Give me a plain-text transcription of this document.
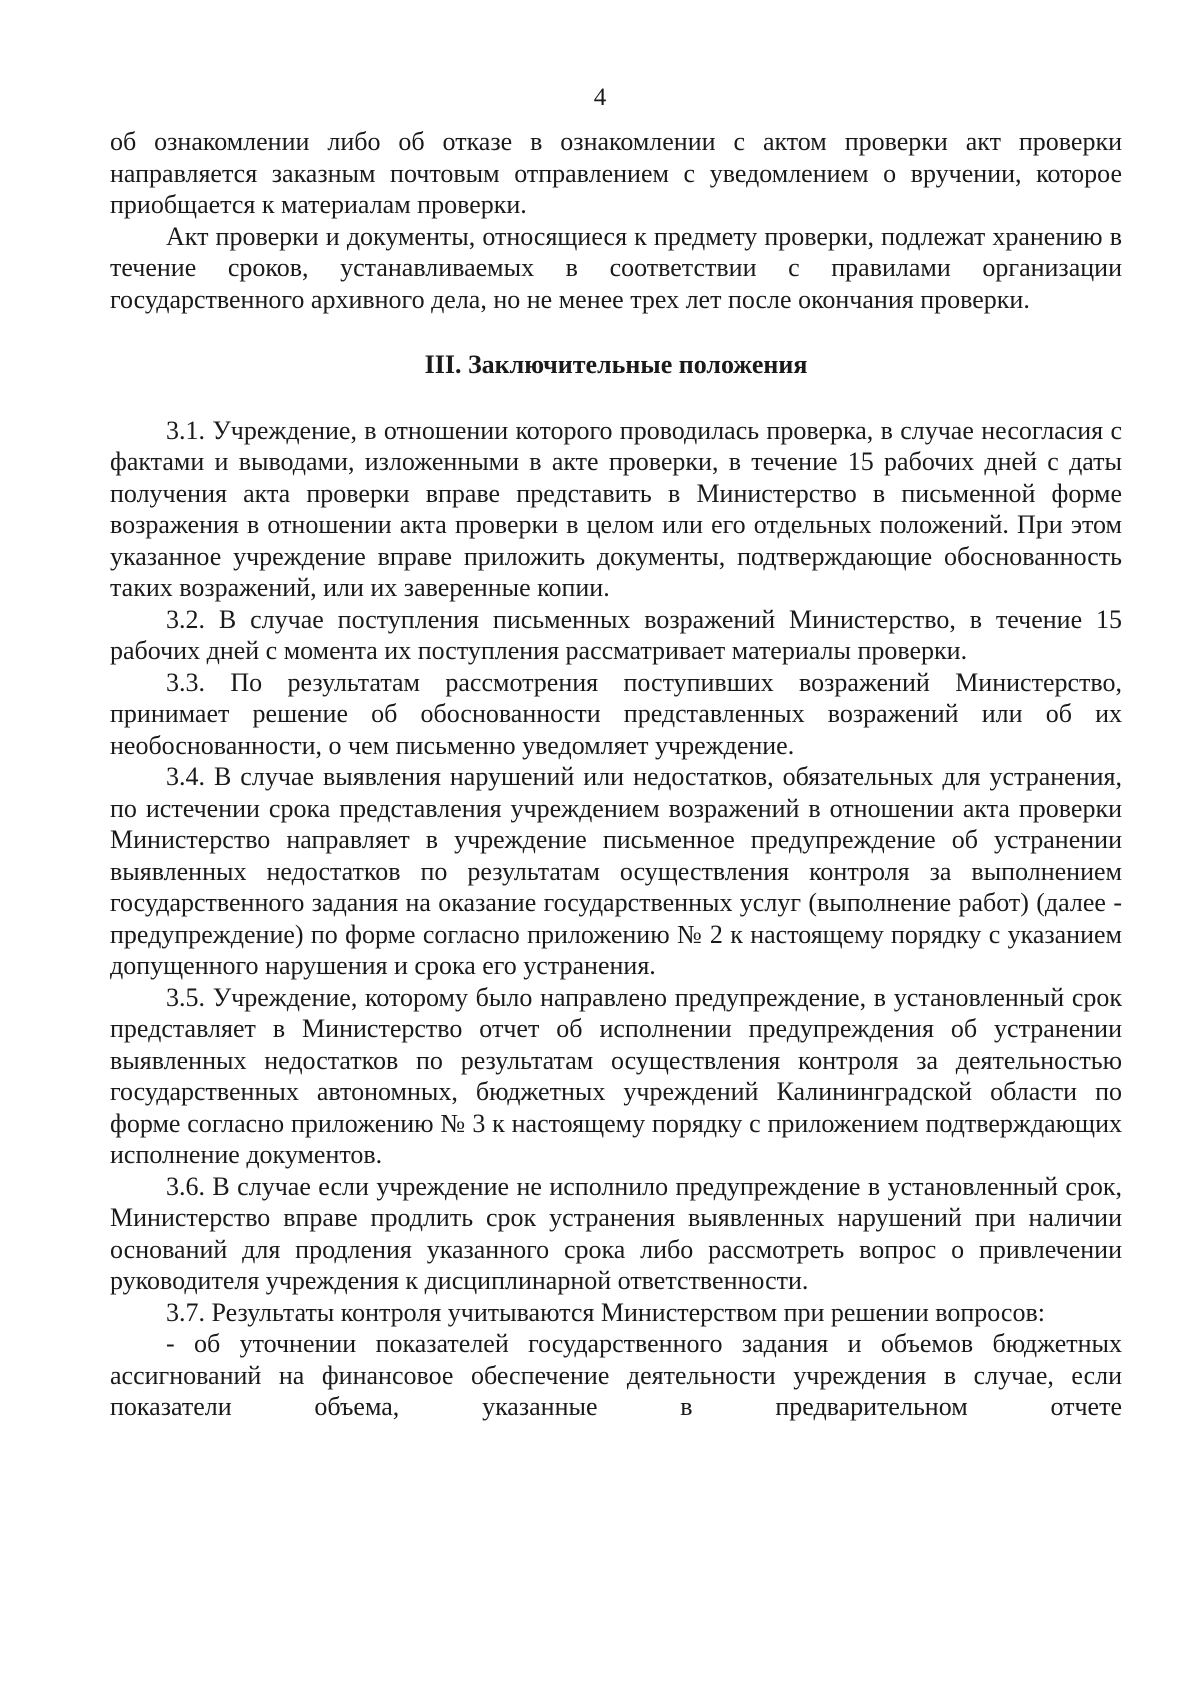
4

об ознакомлении либо об отказе в ознакомлении с актом проверки акт проверки направляется заказным почтовым отправлением с уведомлением о вручении, которое приобщается к материалам проверки.

Акт проверки и документы, относящиеся к предмету проверки, подлежат хранению в течение сроков, устанавливаемых в соответствии с правилами организации государственного архивного дела, но не менее трех лет после окончания проверки.

III. Заключительные положения

3.1. Учреждение, в отношении которого проводилась проверка, в случае несогласия с фактами и выводами, изложенными в акте проверки, в течение 15 рабочих дней с даты получения акта проверки вправе представить в Министерство в письменной форме возражения в отношении акта проверки в целом или его отдельных положений. При этом указанное учреждение вправе приложить документы, подтверждающие обоснованность таких возражений, или их заверенные копии.

3.2. В случае поступления письменных возражений Министерство, в течение 15 рабочих дней с момента их поступления рассматривает материалы проверки.

3.3. По результатам рассмотрения поступивших возражений Министерство, принимает решение об обоснованности представленных возражений или об их необоснованности, о чем письменно уведомляет учреждение.

3.4. В случае выявления нарушений или недостатков, обязательных для устранения, по истечении срока представления учреждением возражений в отношении акта проверки Министерство направляет в учреждение письменное предупреждение об устранении выявленных недостатков по результатам осуществления контроля за выполнением государственного задания на оказание государственных услуг (выполнение работ) (далее - предупреждение) по форме согласно приложению № 2 к настоящему порядку с указанием допущенного нарушения и срока его устранения.

3.5. Учреждение, которому было направлено предупреждение, в установленный срок представляет в Министерство отчет об исполнении предупреждения об устранении выявленных недостатков по результатам осуществления контроля за деятельностью государственных автономных, бюджетных учреждений Калининградской области по форме согласно приложению № 3 к настоящему порядку с приложением подтверждающих исполнение документов.

3.6. В случае если учреждение не исполнило предупреждение в установленный срок, Министерство вправе продлить срок устранения выявленных нарушений при наличии оснований для продления указанного срока либо рассмотреть вопрос о привлечении руководителя учреждения к дисциплинарной ответственности.

3.7. Результаты контроля учитываются Министерством при решении вопросов:

- об уточнении показателей государственного задания и объемов бюджетных ассигнований на финансовое обеспечение деятельности учреждения в случае, если показатели объема, указанные в предварительном отчете
